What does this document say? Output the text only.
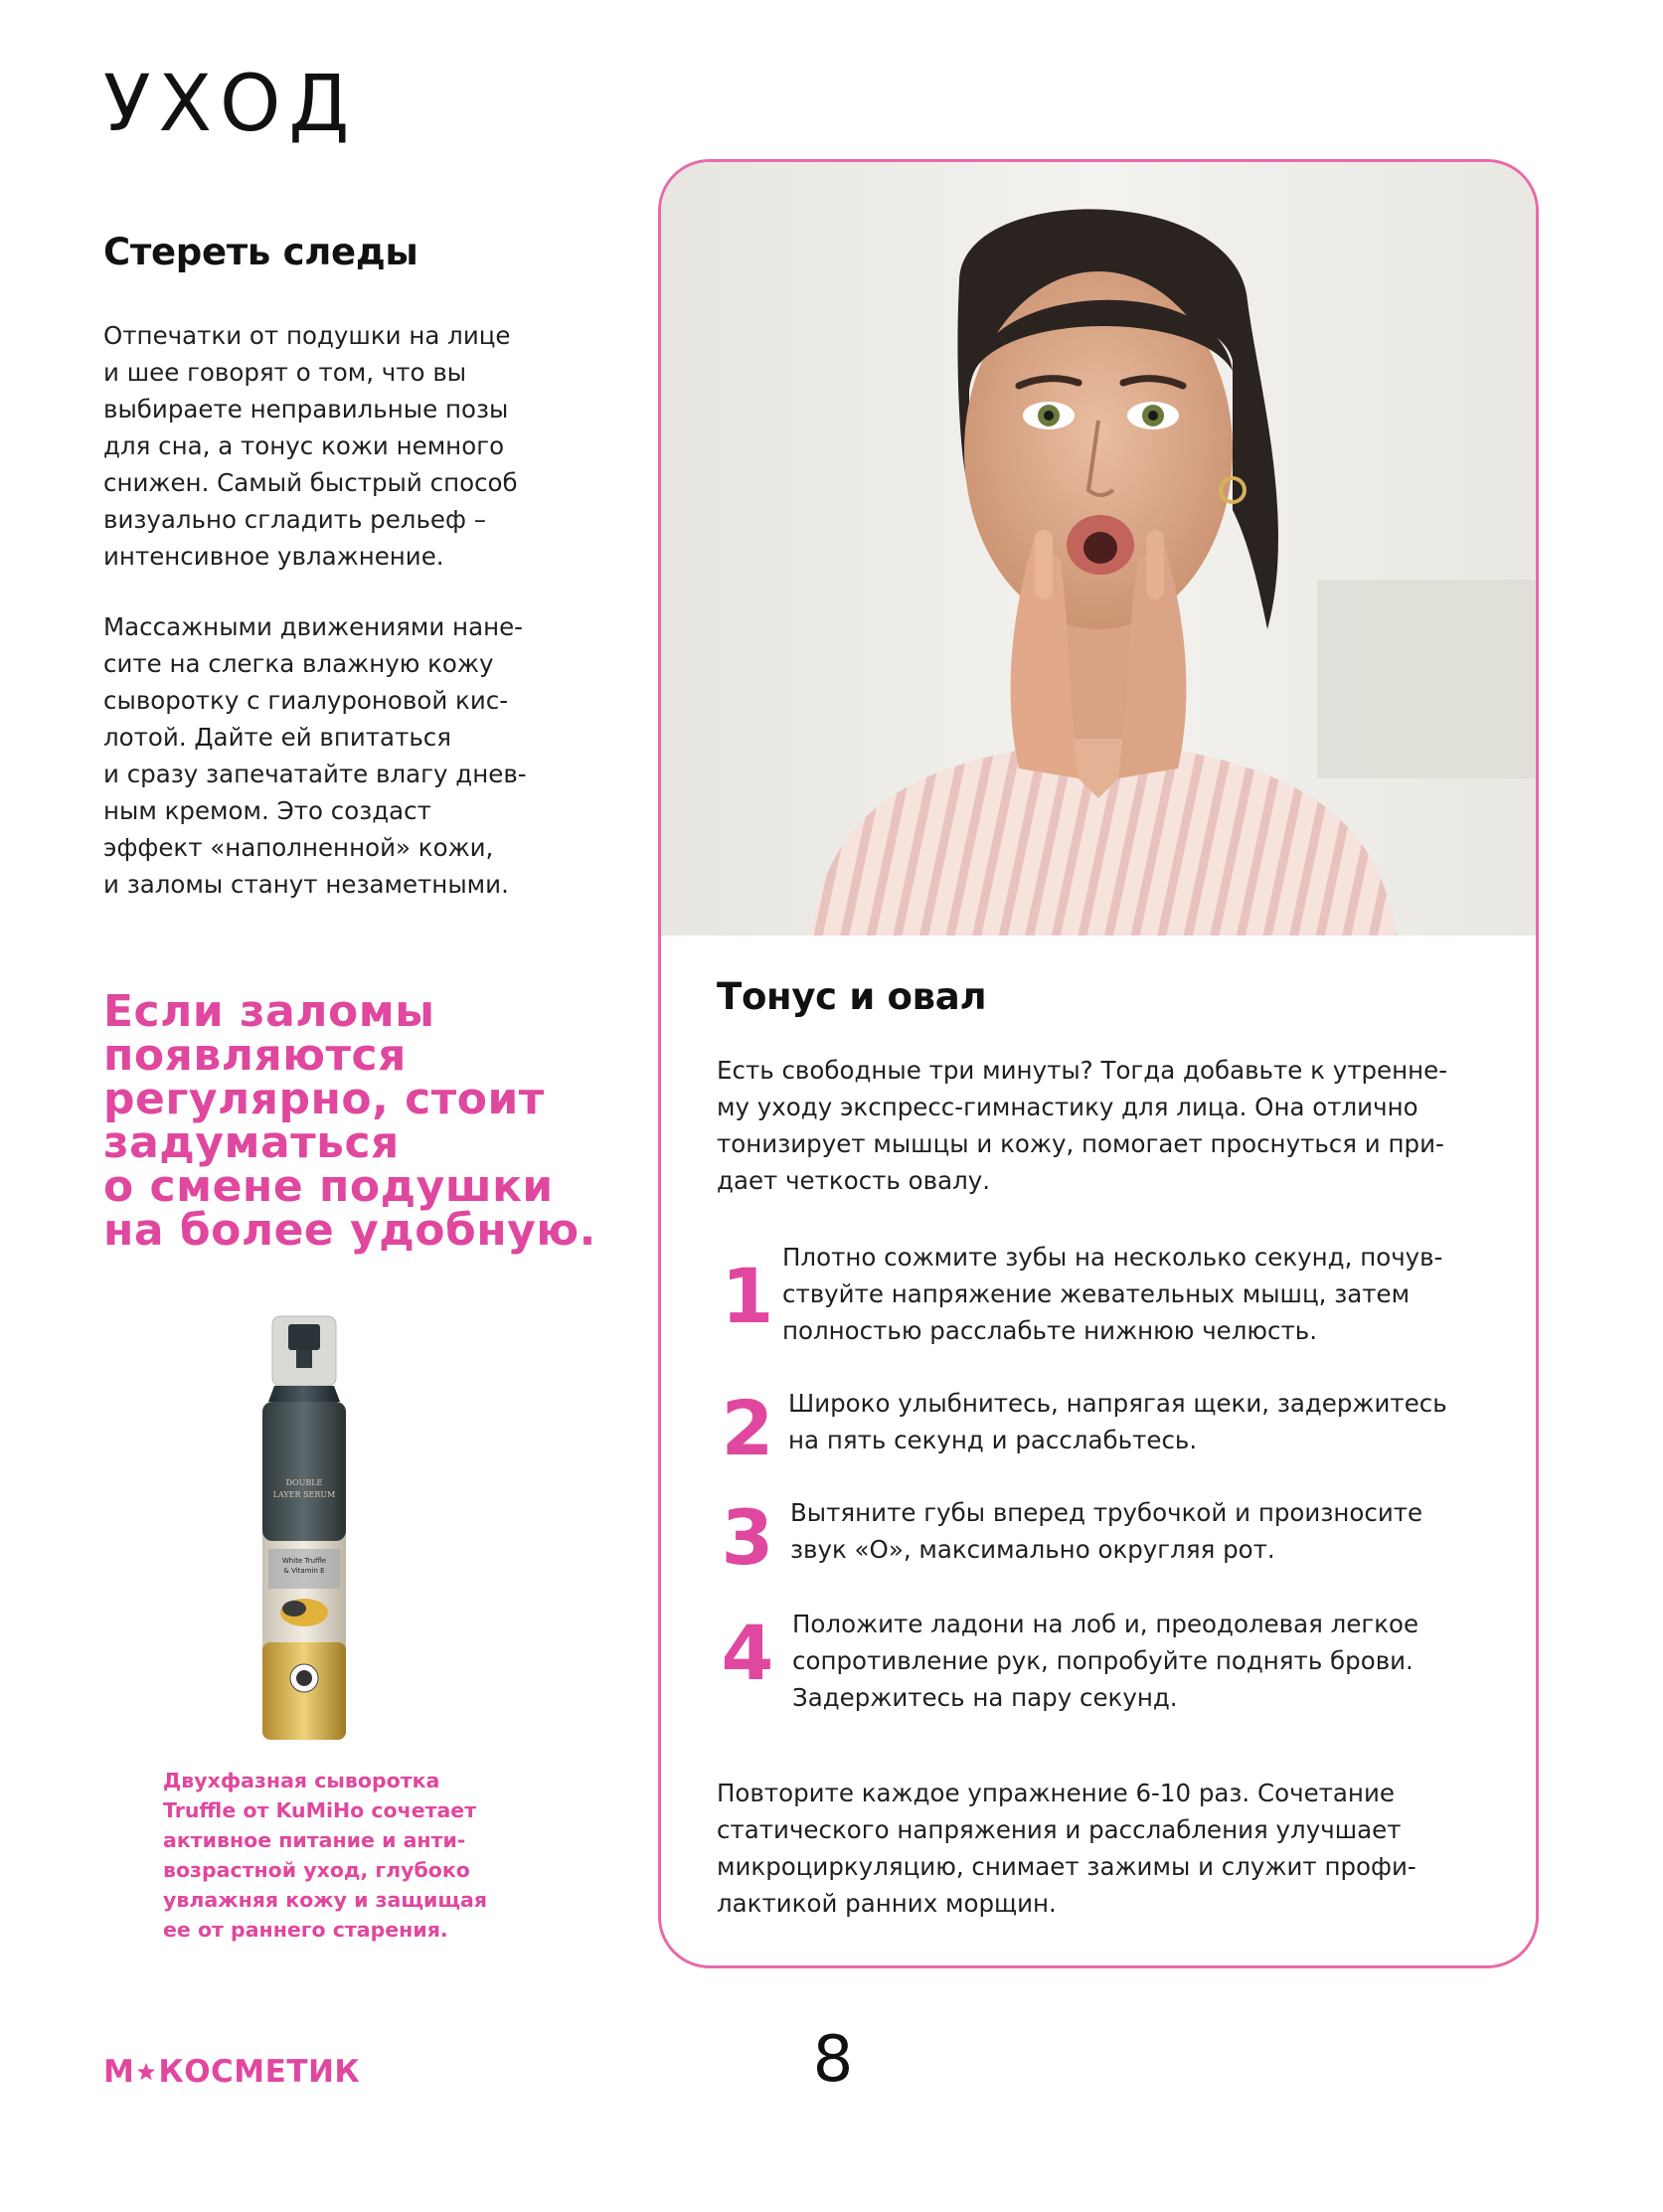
УХОД
Стереть следы

Отпечатки от подушки на лице
и шее говорят о том, что вы
выбираете неправильные позы
для сна, а тонус кожи немного
снижен. Самый быстрый способ
визуально сгладить рельеф –
интенсивное увлажнение.

Массажными движениями нане-
сите на слегка влажную кожу
сыворотку с гиалуроновой кис-
лотой. Дайте ей впитаться
и сразу запечатайте влагу днев-
ным кремом. Это создаст
эффект «наполненной» кожи,
и заломы станут незаметными.

Если заломы
появляются
регулярно, стоит
задуматься
о смене подушки
на более удобную.

DOUBLE
LAYER SERUM
White Truffle
& Vitamin E

Двухфазная сыворотка
Truffle от KuMiHo сочетает
активное питание и анти-
возрастной уход, глубоко
увлажняя кожу и защищая
ее от раннего старения.

Тонус и овал

Есть свободные три минуты? Тогда добавьте к утренне-
му уходу экспресс-гимнастику для лица. Она отлично
тонизирует мышцы и кожу, помогает проснуться и при-
дает четкость овалу.

1 Плотно сожмите зубы на несколько секунд, почув-
ствуйте напряжение жевательных мышц, затем
полностью расслабьте нижнюю челюсть.

2 Широко улыбнитесь, напрягая щеки, задержитесь
на пять секунд и расслабьтесь.

3 Вытяните губы вперед трубочкой и произносите
звук «О», максимально округляя рот.

4 Положите ладони на лоб и, преодолевая легкое
сопротивление рук, попробуйте поднять брови.
Задержитесь на пару секунд.

Повторите каждое упражнение 6-10 раз. Сочетание
статического напряжения и расслабления улучшает
микроциркуляцию, снимает зажимы и служит профи-
лактикой ранних морщин.

М КОСМЕТИК	8
